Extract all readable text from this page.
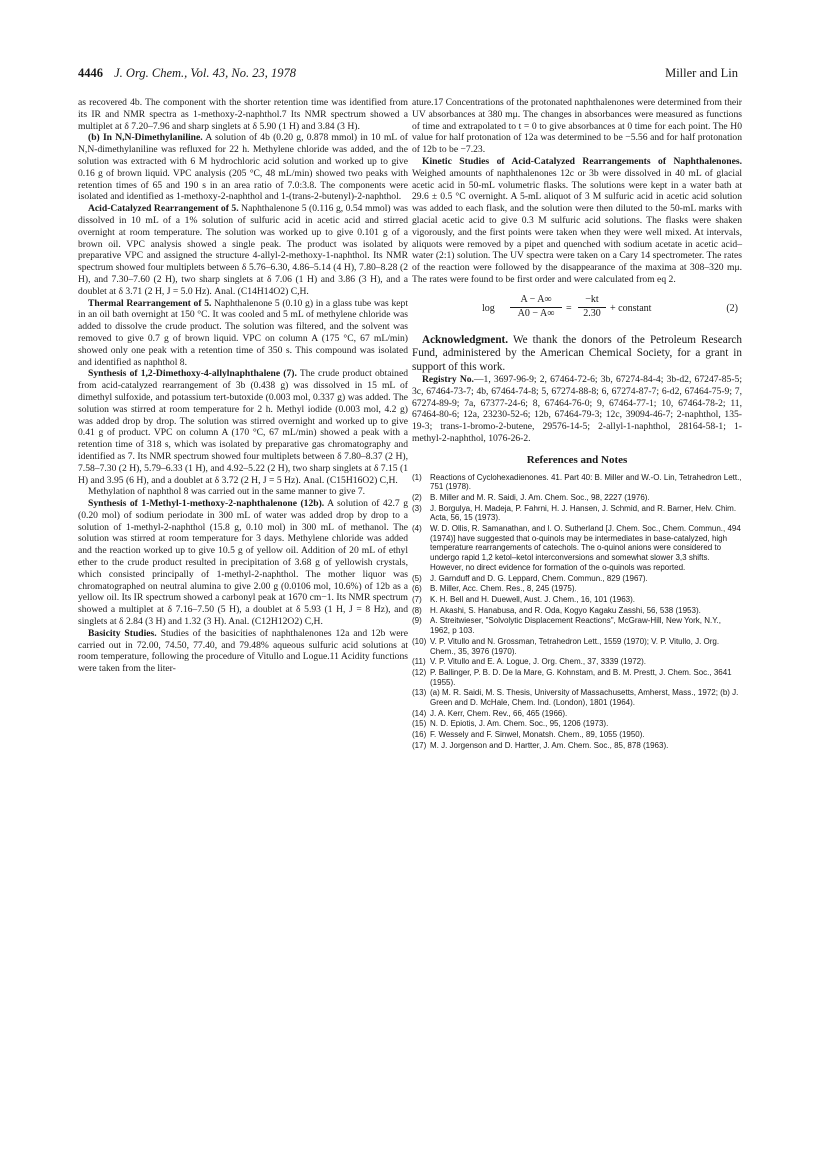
4446 J. Org. Chem., Vol. 43, No. 23, 1978	Miller and Lin

as recovered 4b. The component with the shorter retention time was identified from its IR and NMR spectra as 1-methoxy-2-naphthol.7 Its NMR spectrum showed a multiplet at δ 7.20–7.96 and sharp singlets at δ 5.90 (1 H) and 3.84 (3 H).

(b) In N,N-Dimethylaniline. A solution of 4b (0.20 g, 0.878 mmol) in 10 mL of N,N-dimethylaniline was refluxed for 22 h. Methylene chloride was added, and the solution was extracted with 6 M hydrochloric acid solution and worked up to give 0.16 g of brown liquid. VPC analysis (205 °C, 48 mL/min) showed two peaks with retention times of 65 and 190 s in an area ratio of 7.0:3.8. The components were isolated and identified as 1-methoxy-2-naphthol and 1-(trans-2-butenyl)-2-naphthol.

Acid-Catalyzed Rearrangement of 5. Naphthalenone 5 (0.116 g, 0.54 mmol) was dissolved in 10 mL of a 1% solution of sulfuric acid in acetic acid and stirred overnight at room temperature. The solution was worked up to give 0.101 g of a brown oil. VPC analysis showed a single peak. The product was isolated by preparative VPC and assigned the structure 4-allyl-2-methoxy-1-naphthol. Its NMR spectrum showed four multiplets between δ 5.76–6.30, 4.86–5.14 (4 H), 7.80–8.28 (2 H), and 7.30–7.60 (2 H), two sharp singlets at δ 7.06 (1 H) and 3.86 (3 H), and a doublet at δ 3.71 (2 H, J = 5.0 Hz). Anal. (C14H14O2) C,H.

Thermal Rearrangement of 5. Naphthalenone 5 (0.10 g) in a glass tube was kept in an oil bath overnight at 150 °C. It was cooled and 5 mL of methylene chloride was added to dissolve the crude product. The solution was filtered, and the solvent was removed to give 0.7 g of brown liquid. VPC on column A (175 °C, 67 mL/min) showed only one peak with a retention time of 350 s. This compound was isolated and identified as naphthol 8.

Synthesis of 1,2-Dimethoxy-4-allylnaphthalene (7). The crude product obtained from acid-catalyzed rearrangement of 3b (0.438 g) was dissolved in 15 mL of dimethyl sulfoxide, and potassium tert-butoxide (0.003 mol, 0.337 g) was added. The solution was stirred at room temperature for 2 h. Methyl iodide (0.003 mol, 4.2 g) was added drop by drop. The solution was stirred overnight and worked up to give 0.41 g of product. VPC on column A (170 °C, 67 mL/min) showed a peak with a retention time of 318 s, which was isolated by preparative gas chromatography and identified as 7. Its NMR spectrum showed four multiplets between δ 7.80–8.37 (2 H), 7.58–7.30 (2 H), 5.79–6.33 (1 H), and 4.92–5.22 (2 H), two sharp singlets at δ 7.15 (1 H) and 3.95 (6 H), and a doublet at δ 3.72 (2 H, J = 5 Hz). Anal. (C15H16O2) C,H.

Methylation of naphthol 8 was carried out in the same manner to give 7.

Synthesis of 1-Methyl-1-methoxy-2-naphthalenone (12b). A solution of 42.7 g (0.20 mol) of sodium periodate in 300 mL of water was added drop by drop to a solution of 1-methyl-2-naphthol (15.8 g, 0.10 mol) in 300 mL of methanol. The solution was stirred at room temperature for 3 days. Methylene chloride was added and the reaction worked up to give 10.5 g of yellow oil. Addition of 20 mL of ethyl ether to the crude product resulted in precipitation of 3.68 g of yellowish crystals, which consisted principally of 1-methyl-2-naphthol. The mother liquor was chromatographed on neutral alumina to give 2.00 g (0.0106 mol, 10.6%) of 12b as a yellow oil. Its IR spectrum showed a carbonyl peak at 1670 cm−1. Its NMR spectrum showed a multiplet at δ 7.16–7.50 (5 H), a doublet at δ 5.93 (1 H, J = 8 Hz), and singlets at δ 2.84 (3 H) and 1.32 (3 H). Anal. (C12H12O2) C,H.

Basicity Studies. Studies of the basicities of naphthalenones 12a and 12b were carried out in 72.00, 74.50, 77.40, and 79.48% aqueous sulfuric acid solutions at room temperature, following the procedure of Vitullo and Logue.11 Acidity functions were taken from the liter-

ature.17 Concentrations of the protonated naphthalenones were determined from their UV absorbances at 380 mμ. The changes in absorbances were measured as functions of time and extrapolated to t = 0 to give absorbances at 0 time for each point. The H0 value for half protonation of 12a was determined to be −5.56 and for half protonation of 12b to be −7.23.

Kinetic Studies of Acid-Catalyzed Rearrangements of Naphthalenones. Weighed amounts of naphthalenones 12c or 3b were dissolved in 40 mL of glacial acetic acid in 50-mL volumetric flasks. The solutions were kept in a water bath at 29.6 ± 0.5 °C overnight. A 5-mL aliquot of 3 M sulfuric acid in acetic acid solution was added to each flask, and the solution were then diluted to the 50-mL marks with glacial acetic acid to give 0.3 M sulfuric acid solutions. The flasks were shaken vigorously, and the first points were taken when they were well mixed. At intervals, aliquots were removed by a pipet and quenched with sodium acetate in acetic acid–water (2:1) solution. The UV spectra were taken on a Cary 14 spectrometer. The rates of the reaction were followed by the disappearance of the maxima at 308–320 mμ. The rates were found to be first order and were calculated from eq 2.

$\log \frac{A - A\infty}{A0 - A\infty} = \frac{-kt}{2.30}$ + constant	(2)

Acknowledgment. We thank the donors of the Petroleum Research Fund, administered by the American Chemical Society, for a grant in support of this work.

Registry No.—1, 3697-96-9; 2, 67464-72-6; 3b, 67274-84-4; 3b-d2, 67247-85-5; 3c, 67464-73-7; 4b, 67464-74-8; 5, 67274-88-8; 6, 67274-87-7; 6-d2, 67464-75-9; 7, 67274-89-9; 7a, 67377-24-6; 8, 67464-76-0; 9, 67464-77-1; 10, 67464-78-2; 11, 67464-80-6; 12a, 23230-52-6; 12b, 67464-79-3; 12c, 39094-46-7; 2-naphthol, 135-19-3; trans-1-bromo-2-butene, 29576-14-5; 2-allyl-1-naphthol, 28164-58-1; 1-methyl-2-naphthol, 1076-26-2.

References and Notes
(1)	Reactions of Cyclohexadienones. 41. Part 40: B. Miller and W.-O. Lin, Tetrahedron Lett., 751 (1978).
(2)	B. Miller and M. R. Saidi, J. Am. Chem. Soc., 98, 2227 (1976).
(3)	J. Borgulya, H. Madeja, P. Fahrni, H. J. Hansen, J. Schmid, and R. Barner, Helv. Chim. Acta, 56, 15 (1973).
(4)	W. D. Ollis, R. Samanathan, and I. O. Sutherland [J. Chem. Soc., Chem. Commun., 494 (1974)] have suggested that o-quinols may be intermediates in base-catalyzed, high temperature rearrangements of catechols. The o-quinol anions were considered to undergo rapid 1,2 ketol–ketol interconversions and somewhat slower 3,3 shifts. However, no direct evidence for formation of the o-quinols was reported.
(5)	J. Garnduff and D. G. Leppard, Chem. Commun., 829 (1967).
(6)	B. Miller, Acc. Chem. Res., 8, 245 (1975).
(7)	K. H. Bell and H. Duewell, Aust. J. Chem., 16, 101 (1963).
(8)	H. Akashi, S. Hanabusa, and R. Oda, Kogyo Kagaku Zasshi, 56, 538 (1953).
(9)	A. Streitwieser, "Solvolytic Displacement Reactions", McGraw-Hill, New York, N.Y., 1962, p 103.
(10) V. P. Vitullo and N. Grossman, Tetrahedron Lett., 1559 (1970); V. P. Vitullo, J. Org. Chem., 35, 3976 (1970).
(11) V. P. Vitullo and E. A. Logue, J. Org. Chem., 37, 3339 (1972).
(12) P. Ballinger, P. B. D. De la Mare, G. Kohnstam, and B. M. Prestt, J. Chem. Soc., 3641 (1955).
(13) (a) M. R. Saidi, M. S. Thesis, University of Massachusetts, Amherst, Mass., 1972; (b) J. Green and D. McHale, Chem. Ind. (London), 1801 (1964).
(14) J. A. Kerr, Chem. Rev., 66, 465 (1966).
(15) N. D. Epiotis, J. Am. Chem. Soc., 95, 1206 (1973).
(16) F. Wessely and F. Sinwel, Monatsh. Chem., 89, 1055 (1950).
(17) M. J. Jorgenson and D. Hartter, J. Am. Chem. Soc., 85, 878 (1963).
